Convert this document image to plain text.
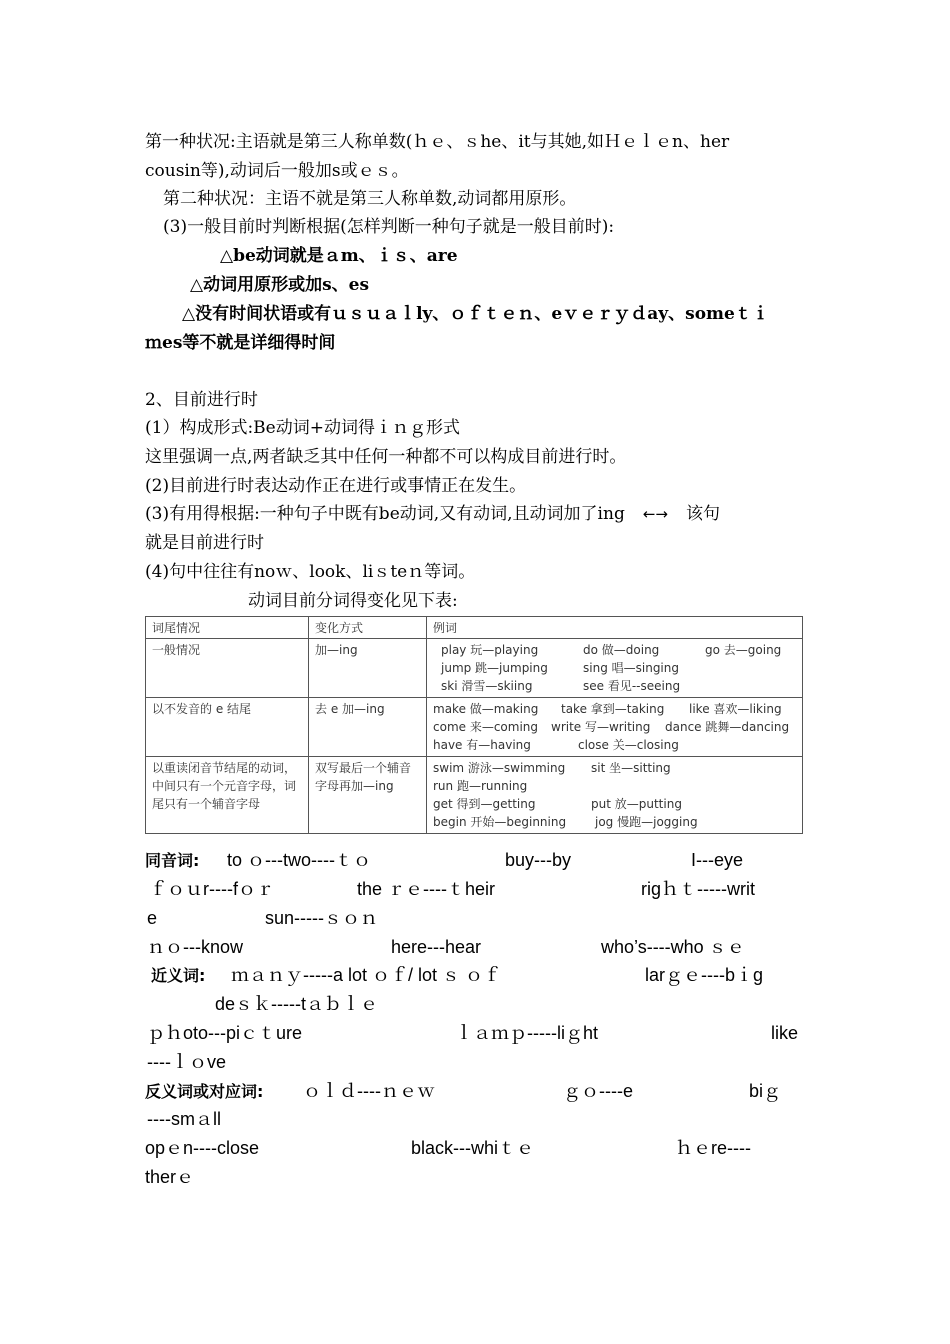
第一种状况:主语就是第三人称单数(ｈｅ、ｓhe、it与其她,如Ｈｅｌｅn、her
cousin等),动词后一般加s或ｅｓ。
第二种状况：主语不就是第三人称单数,动词都用原形。
(3)一般目前时判断根据(怎样判断一种句子就是一般目前时):
△be动词就是ａm、ｉｓ、are
△动词用原形或加s、es
△没有时间状语或有ｕｓｕａｌly、ｏｆｔｅｎ、eｖｅｒｙｄay、someｔｉ
ｍes等不就是详细得时间
2、目前进行时
(1）构成形式:Be动词+动词得ｉｎｇ形式
这里强调一点,两者缺乏其中任何一种都不可以构成目前进行时。
(2)目前进行时表达动作正在进行或事情正在发生。
(3)有用得根据:一种句子中既有be动词,又有动词,且动词加了ing ←→ 该句
就是目前进行时
(4)句中往往有noｗ、look、liｓteｎ等词。
动词目前分词得变化见下表:
词尾情况	变化方式	例词
一般情况	加—ing	play 玩—playing do 做—doing go 去—going
jump 跳—jumping sing 唱—singing
ski 滑雪—skiing see 看见--seeing

以不发音的 e 结尾	去 e 加—ing	make 做—making take 拿到—taking like 喜欢—liking
come 来—coming write 写—writing dance 跳舞—dancing
have 有—having close 关—closing

以重读闭音节结尾的动词，中间只有一个元音字母，词尾只有一个辅音字母	双写最后一个辅音字母再加—ing	swim 游泳—swimming sit 坐—sittingrun 跑—running
get 得到—getting put 放—putting
begin 开始—beginning jog 慢跑—jogging
同音词: to ｏ---two----ｔｏ	buy---by	I---eye
ｆｏｕr----fｏｒ	the ｒｅ----ｔheir	rigｈｔ-----writ
e	sun-----ｓｏｎ
ｎｏ---know	here---hear	who’s----who ｓｅ
近义词: ｍａｎｙ-----a lot ｏｆ/ lot ｓ ｏｆ	larｇｅ----bｉg
deｓｋ-----tａｂｌｅ
ｐｈoto---piｃｔure	ｌａｍｐ-----liｇht	like
----ｌｏve
反义词或对应词: ｏｌｄ----ｎｅｗ	ｇｏ----e	biｇ
----smａll
opｅn----close	black---whiｔｅ	ｈｅre----
therｅ
